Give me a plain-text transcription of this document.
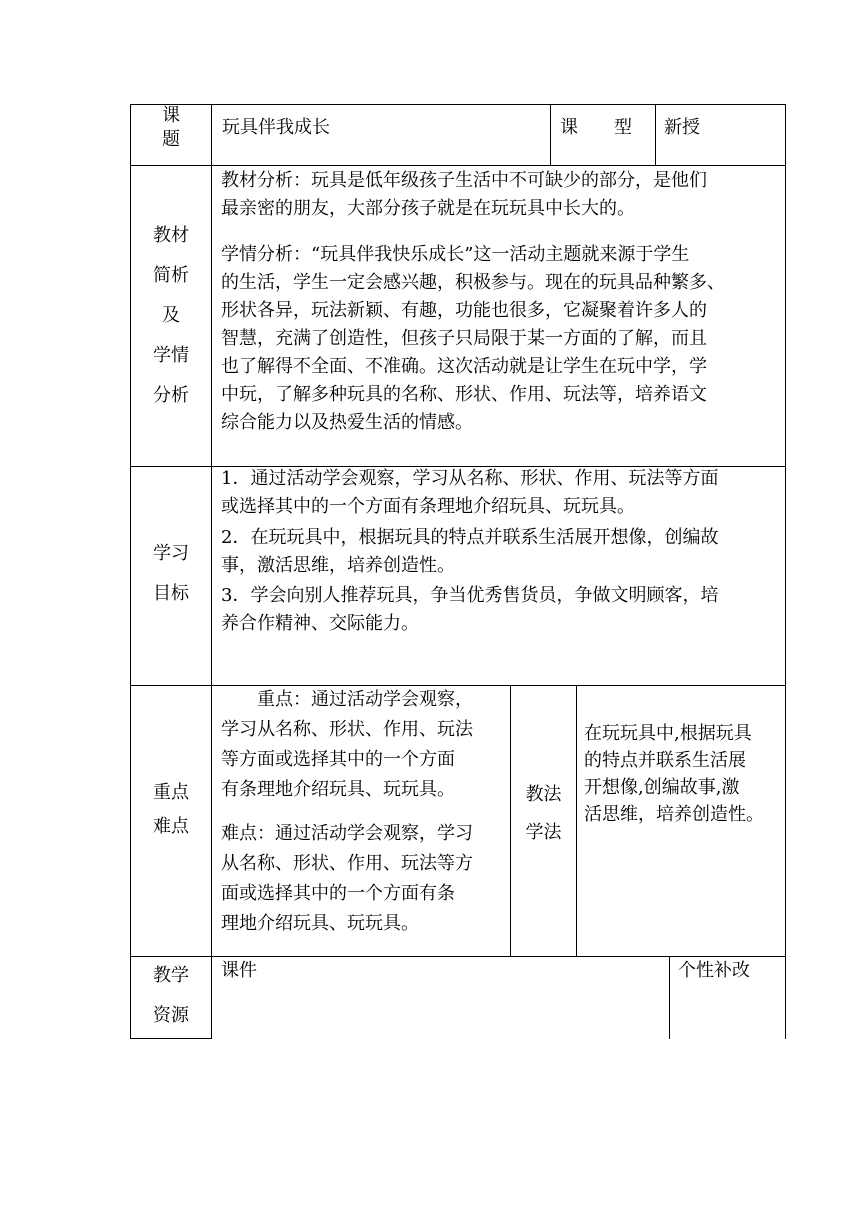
课
题
玩具伴我成长	课　　型 新授
教材
简析
及
学情
分析
教材分析：玩具是低年级孩子生活中不可缺少的部分，是他们
最亲密的朋友，大部分孩子就是在玩玩具中长大的。
学情分析：“玩具伴我快乐成长”这一活动主题就来源于学生
的生活，学生一定会感兴趣，积极参与。现在的玩具品种繁多、
形状各异，玩法新颖、有趣，功能也很多，它凝聚着许多人的
智慧，充满了创造性，但孩子只局限于某一方面的了解，而且
也了解得不全面、不准确。这次活动就是让学生在玩中学，学
中玩，了解多种玩具的名称、形状、作用、玩法等，培养语文
综合能力以及热爱生活的情感。
学习
目标
1．通过活动学会观察，学习从名称、形状、作用、玩法等方面
或选择其中的一个方面有条理地介绍玩具、玩玩具。
2．在玩玩具中，根据玩具的特点并联系生活展开想像，创编故
事，激活思维，培养创造性。
3．学会向别人推荐玩具，争当优秀售货员，争做文明顾客，培
养合作精神、交际能力。
重点
难点
　　重点：通过活动学会观察，
学习从名称、形状、作用、玩法
等方面或选择其中的一个方面
有条理地介绍玩具、玩玩具。
难点：通过活动学会观察，学习
从名称、形状、作用、玩法等方
面或选择其中的一个方面有条
理地介绍玩具、玩玩具。
教法
学法
在玩玩具中,根据玩具
的特点并联系生活展
开想像,创编故事,激
活思维，培养创造性。
教学
资源
课件	个性补改
